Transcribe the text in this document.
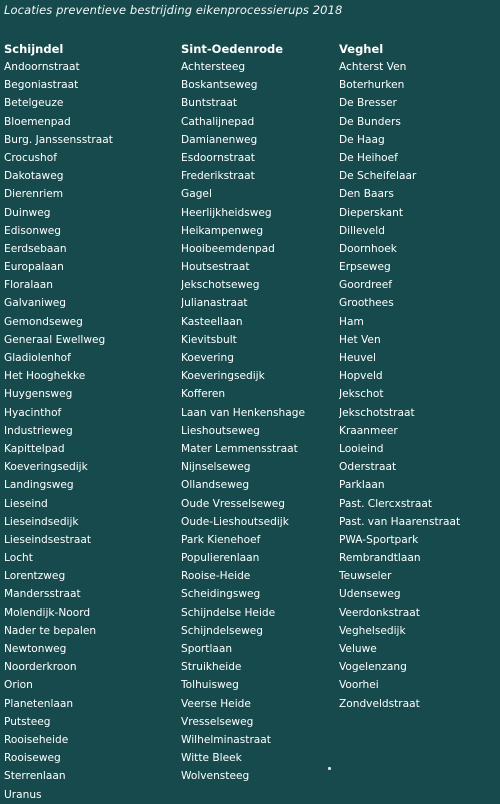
Locaties preventieve bestrijding eikenprocessierups 2018
Schijndel
Andoornstraat
Begoniastraat
Betelgeuze
Bloemenpad
Burg. Janssensstraat
Crocushof
Dakotaweg
Dierenriem
Duinweg
Edisonweg
Eerdsebaan
Europalaan
Floralaan
Galvaniweg
Gemondseweg
Generaal Ewellweg
Gladiolenhof
Het Hooghekke
Huygensweg
Hyacinthof
Industrieweg
Kapittelpad
Koeveringsedijk
Landingsweg
Lieseind
Lieseindsedijk
Lieseindsestraat
Locht
Lorentzweg
Mandersstraat
Molendijk-Noord
Nader te bepalen
Newtonweg
Noorderkroon
Orion
Planetenlaan
Putsteeg
Rooiseheide
Rooiseweg
Sterrenlaan
Uranus
Sint-Oedenrode
Achtersteeg
Boskantseweg
Buntstraat
Cathalijnepad
Damianenweg
Esdoornstraat
Frederikstraat
Gagel
Heerlijkheidsweg
Heikampenweg
Hooibeemdenpad
Houtsestraat
Jekschotseweg
Julianastraat
Kasteellaan
Kievitsbult
Koevering
Koeveringsedijk
Kofferen
Laan van Henkenshage
Lieshoutseweg
Mater Lemmensstraat
Nijnselseweg
Ollandseweg
Oude Vresselseweg
Oude-Lieshoutsedijk
Park Kienehoef
Populierenlaan
Rooise-Heide
Scheidingsweg
Schijndelse Heide
Schijndelseweg
Sportlaan
Struikheide
Tolhuisweg
Veerse Heide
Vresselseweg
Wilhelminastraat
Witte Bleek
Wolvensteeg
Veghel
Achterst Ven
Boterhurken
De Bresser
De Bunders
De Haag
De Heihoef
De Scheifelaar
Den Baars
Dieperskant
Dilleveld
Doornhoek
Erpseweg
Goordreef
Groothees
Ham
Het Ven
Heuvel
Hopveld
Jekschot
Jekschotstraat
Kraanmeer
Looieind
Oderstraat
Parklaan
Past. Clercxstraat
Past. van Haarenstraat
PWA-Sportpark
Rembrandtlaan
Teuwseler
Udenseweg
Veerdonkstraat
Veghelsedijk
Veluwe
Vogelenzang
Voorhei
Zondveldstraat
